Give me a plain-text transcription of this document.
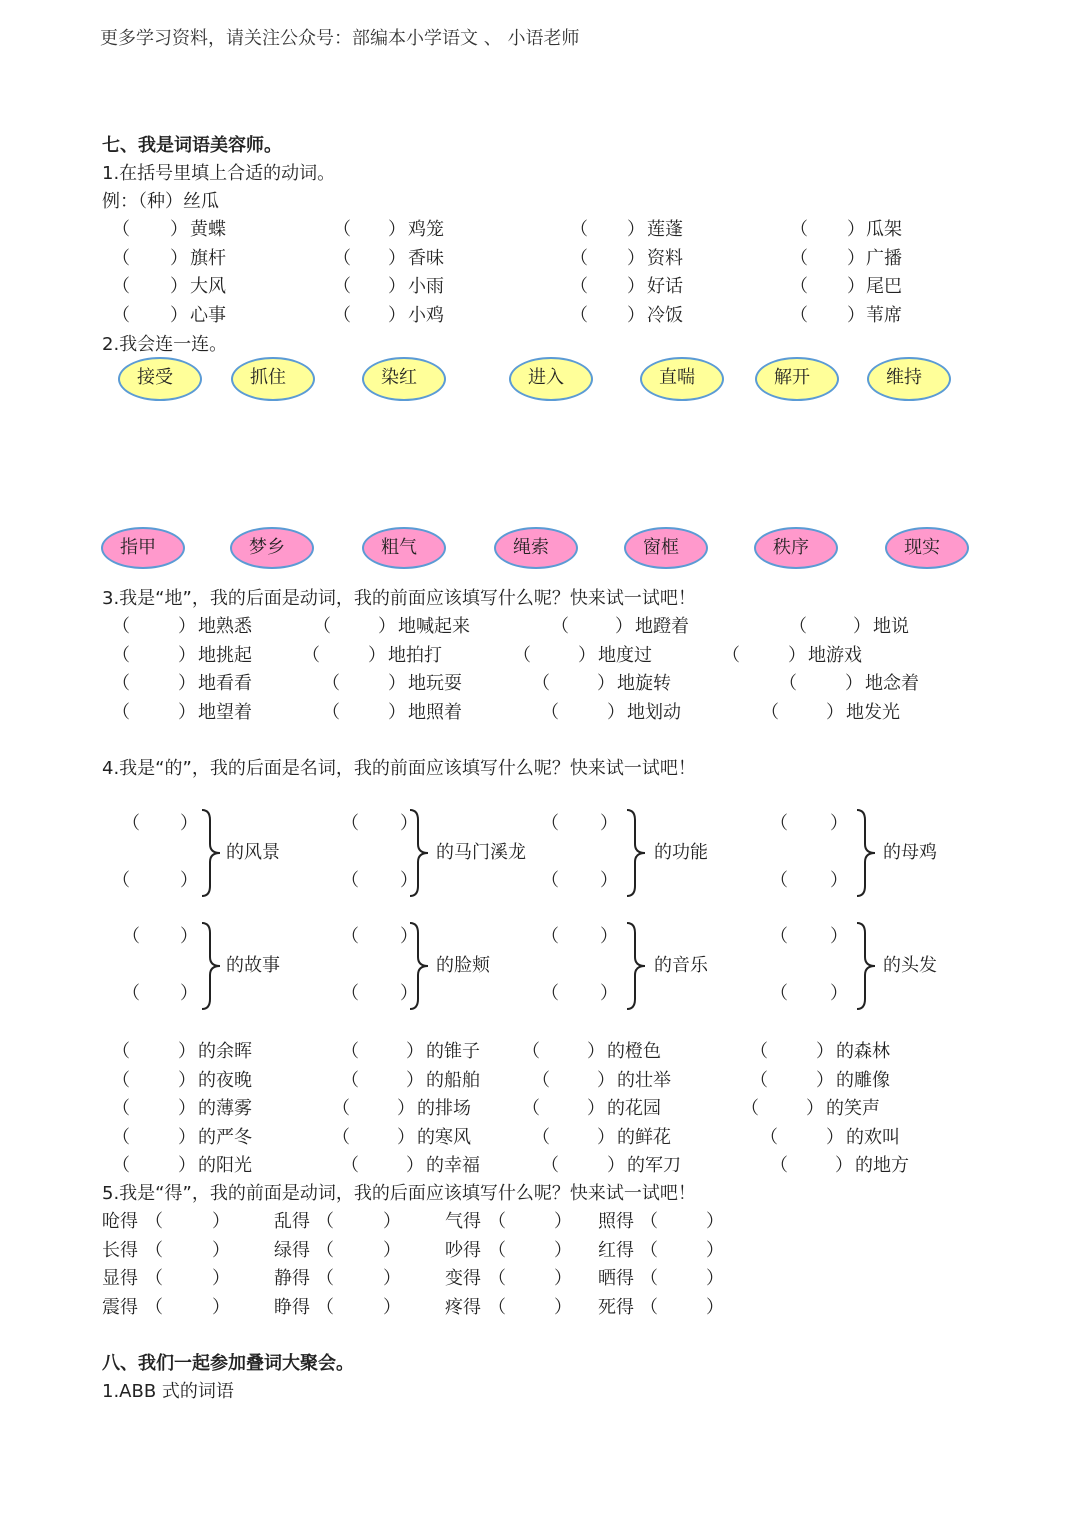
更多学习资料，请关注公众号：部编本小学语文 、 小语老师
七、我是词语美容师。
1.在括号里填上合适的动词。
例：（种）丝瓜
（ ） 黄蝶	（ ） 鸡笼	（ ） 莲蓬	（ ） 瓜架
（ ） 旗杆	（ ） 香味	（ ） 资料	（ ） 广播
（ ） 大风	（ ） 小雨	（ ） 好话	（ ） 尾巴
（ ） 心事	（ ） 小鸡	（ ） 冷饭	（ ） 苇席
2.我会连一连。
接受	抓住	染红	进入	直喘	解开	维持
指甲	梦乡	粗气	绳索	窗框	秩序	现实
3.我是“地”，我的后面是动词，我的前面应该填写什么呢？快来试一试吧！
（	） 地熟悉	（	） 地喊起来	（	） 地蹬着	（	） 地说
（	） 地挑起	（	） 地拍打	（	） 地度过	（	） 地游戏
（	） 地看看	（	） 地玩耍	（	） 地旋转	（	） 地念着
（	） 地望着	（	） 地照着	（	） 地划动	（	） 地发光
4.我是“的”，我的后面是名词，我的前面应该填写什么呢？快来试一试吧！
（ ）
（	）
的风景
（ ）
（ ）
的马门溪龙
（ ）
（ ）
的功能
（ ）
（ ）
的母鸡
（ ）
（ ）
的故事
（ ）
（ ）
的脸颊
（ ）
（ ）
的音乐
（ ）
（ ）
的头发
（	） 的余晖	（	） 的锥子 （	） 的橙色	（	） 的森林
（	） 的夜晚	（	） 的船舶	（	） 的壮举	（	） 的雕像
（	） 的薄雾	（	） 的排场	（	） 的花园	（	） 的笑声
（	） 的严冬	（	） 的寒风	（	） 的鲜花	（	） 的欢叫
（	） 的阳光	（	） 的幸福	（	） 的军刀	（	） 的地方
5.我是“得”，我的前面是动词，我的后面应该填写什么呢？快来试一试吧！
呛得 （	） 乱得 （	） 气得 （	） 照得 （	）
长得 （	） 绿得 （	） 吵得 （	） 红得 （	）
显得 （	） 静得 （	） 变得 （	） 晒得 （	）
震得 （	） 睁得 （	） 疼得 （	） 死得 （	）
八、我们一起参加叠词大聚会。
1.ABB 式的词语
